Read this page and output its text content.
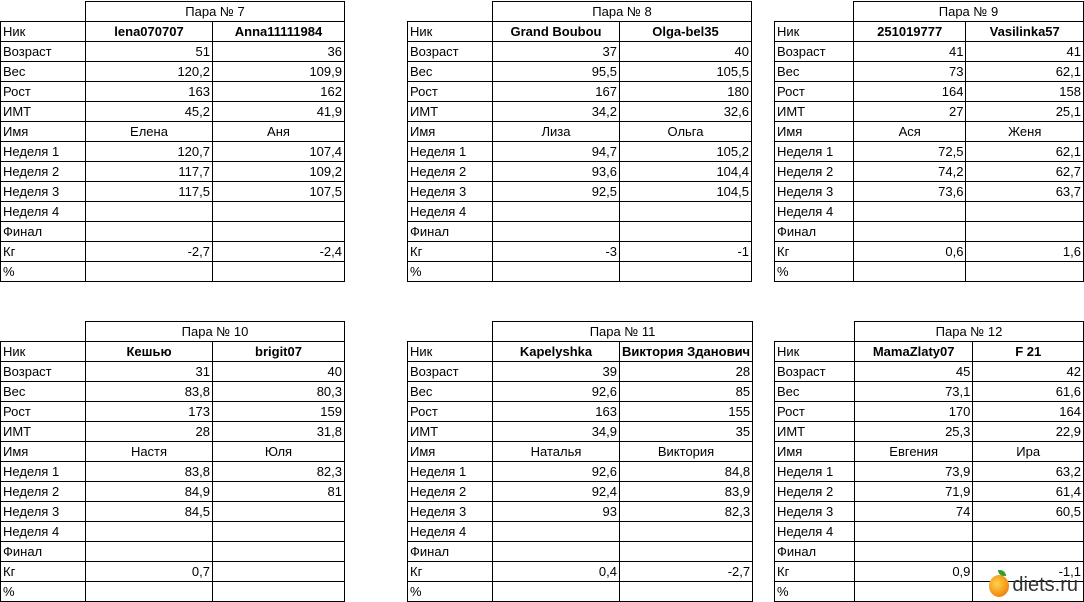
	Пара № 7	
Ник	lena070707	Anna11111984
Возраст	51	36
Вес	120,2	109,9
Рост	163	162
ИМТ	45,2	41,9
Имя	Елена	Аня
Неделя 1	120,7	107,4
Неделя 2	117,7	109,2
Неделя 3	117,5	107,5
Неделя 4		
Финал		
Кг	-2,7	-2,4
%		
	Пара № 8	
Ник	Grand Boubou	Olga-bel35
Возраст	37	40
Вес	95,5	105,5
Рост	167	180
ИМТ	34,2	32,6
Имя	Лиза	Ольга
Неделя 1	94,7	105,2
Неделя 2	93,6	104,4
Неделя 3	92,5	104,5
Неделя 4		
Финал		
Кг	-3	-1
%		
	Пара № 9	
Ник	251019777	Vasilinka57
Возраст	41	41
Вес	73	62,1
Рост	164	158
ИМТ	27	25,1
Имя	Ася	Женя
Неделя 1	72,5	62,1
Неделя 2	74,2	62,7
Неделя 3	73,6	63,7
Неделя 4		
Финал		
Кг	0,6	1,6
%		
	Пара № 10	
Ник	Кешью	brigit07
Возраст	31	40
Вес	83,8	80,3
Рост	173	159
ИМТ	28	31,8
Имя	Настя	Юля
Неделя 1	83,8	82,3
Неделя 2	84,9	81
Неделя 3	84,5	
Неделя 4		
Финал		
Кг	0,7	
%		
	Пара № 11	
Ник	Kapelyshka	Виктория Зданович
Возраст	39	28
Вес	92,6	85
Рост	163	155
ИМТ	34,9	35
Имя	Наталья	Виктория
Неделя 1	92,6	84,8
Неделя 2	92,4	83,9
Неделя 3	93	82,3
Неделя 4		
Финал		
Кг	0,4	-2,7
%		
	Пара № 12	
Ник	MamaZlaty07	F 21
Возраст	45	42
Вес	73,1	61,6
Рост	170	164
ИМТ	25,3	22,9
Имя	Евгения	Ира
Неделя 1	73,9	63,2
Неделя 2	71,9	61,4
Неделя 3	74	60,5
Неделя 4		
Финал		
Кг	0,9	-1,1
%			diets.ru
